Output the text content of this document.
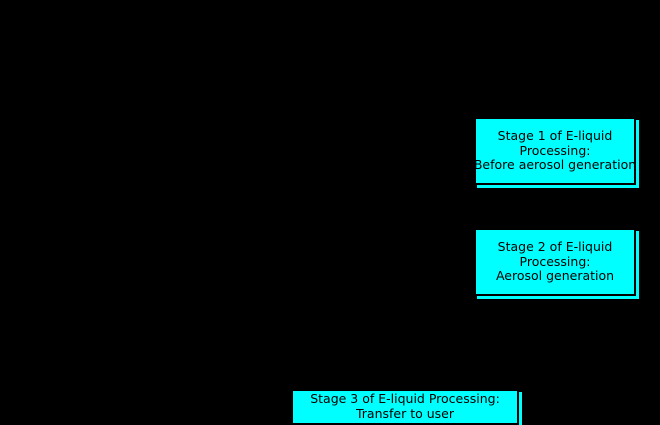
Stage 1 of E-liquid
Processing:
Before aerosol generation
Stage 2 of E-liquid
Processing:
Aerosol generation
Stage 3 of E-liquid Processing:
Transfer to user
